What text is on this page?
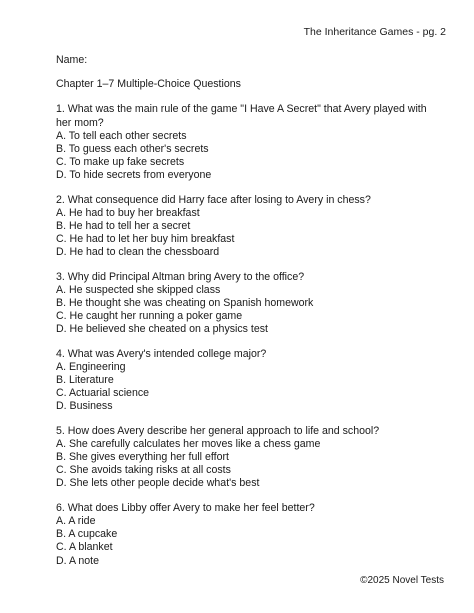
The Inheritance Games - pg. 2

Name:

Chapter 1–7 Multiple-Choice Questions

1. What was the main rule of the game "I Have A Secret" that Avery played with her mom?

A. To tell each other secrets

B. To guess each other's secrets

C. To make up fake secrets

D. To hide secrets from everyone

2. What consequence did Harry face after losing to Avery in chess?

A. He had to buy her breakfast

B. He had to tell her a secret

C. He had to let her buy him breakfast

D. He had to clean the chessboard

3. Why did Principal Altman bring Avery to the office?

A. He suspected she skipped class

B. He thought she was cheating on Spanish homework

C. He caught her running a poker game

D. He believed she cheated on a physics test

4. What was Avery's intended college major?

A. Engineering

B. Literature

C. Actuarial science

D. Business

5. How does Avery describe her general approach to life and school?

A. She carefully calculates her moves like a chess game

B. She gives everything her full effort

C. She avoids taking risks at all costs

D. She lets other people decide what's best

6. What does Libby offer Avery to make her feel better?

A. A ride

B. A cupcake

C. A blanket

D. A note

©2025 Novel Tests
